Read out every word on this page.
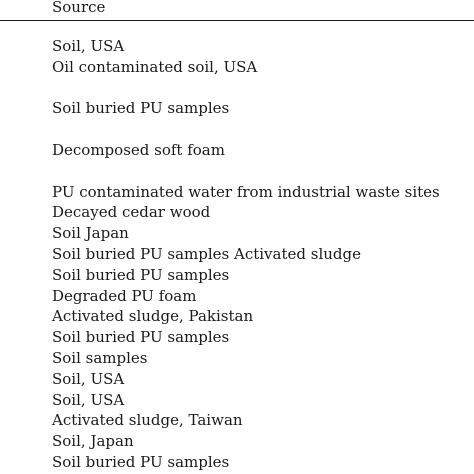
Source
Soil, USA
Oil contaminated soil, USA
Soil buried PU samples
Decomposed soft foam
PU contaminated water from industrial waste sites
Decayed cedar wood
Soil Japan
Soil buried PU samples Activated sludge
Soil buried PU samples
Degraded PU foam
Activated sludge, Pakistan
Soil buried PU samples
Soil samples
Soil, USA
Soil, USA
Activated sludge, Taiwan
Soil, Japan
Soil buried PU samples
